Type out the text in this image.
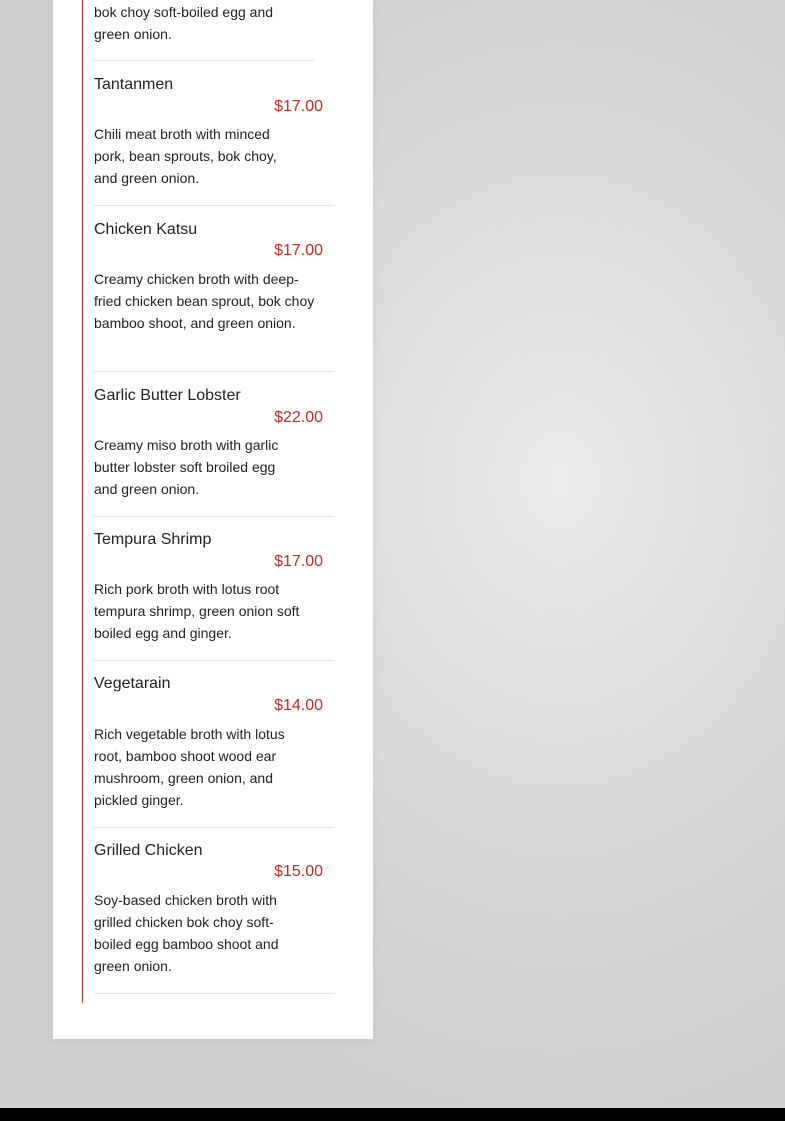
bok choy soft-boiled egg and green onion.
Tantanmen
$17.00
Chili meat broth with minced pork, bean sprouts, bok choy, and green onion.
Chicken Katsu
$17.00
Creamy chicken broth with deep-fried chicken bean sprout, bok choy bamboo shoot, and green onion.
Garlic Butter Lobster
$22.00
Creamy miso broth with garlic butter lobster soft broiled egg and green onion.
Tempura Shrimp
$17.00
Rich pork broth with lotus root tempura shrimp, green onion soft boiled egg and ginger.
Vegetarain
$14.00
Rich vegetable broth with lotus root, bamboo shoot wood ear mushroom, green onion, and pickled ginger.
Grilled Chicken
$15.00
Soy-based chicken broth with grilled chicken bok choy soft-boiled egg bamboo shoot and green onion.
